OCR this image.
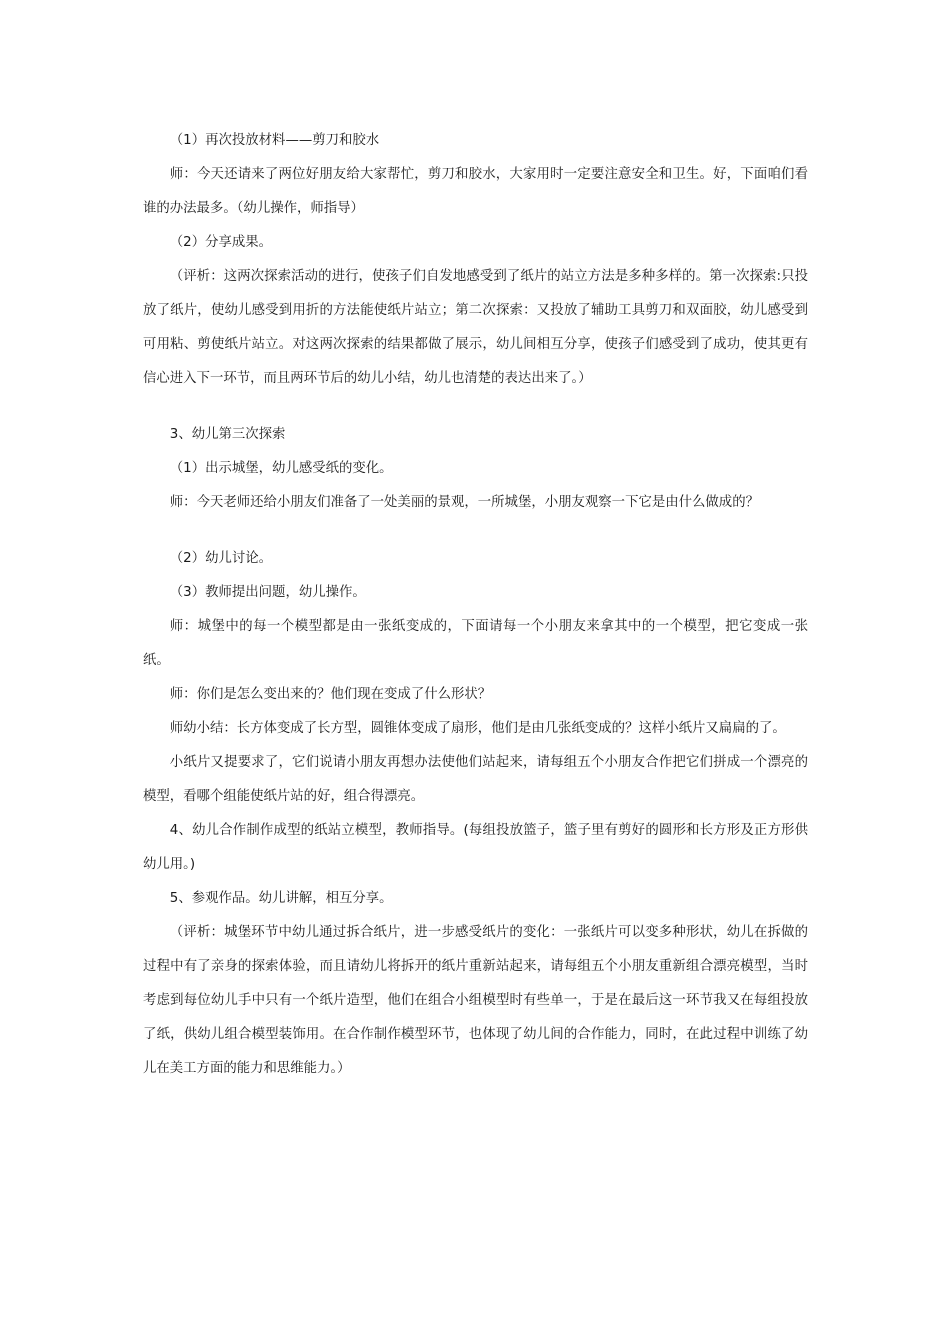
（1）再次投放材料——剪刀和胶水

师：今天还请来了两位好朋友给大家帮忙，剪刀和胶水，大家用时一定要注意安全和卫生。好，下面咱们看谁的办法最多。（幼儿操作，师指导）

（2）分享成果。

（评析：这两次探索活动的进行，使孩子们自发地感受到了纸片的站立方法是多种多样的。第一次探索:只投放了纸片，使幼儿感受到用折的方法能使纸片站立；第二次探索：又投放了辅助工具剪刀和双面胶，幼儿感受到可用粘、剪使纸片站立。对这两次探索的结果都做了展示，幼儿间相互分享，使孩子们感受到了成功，使其更有信心进入下一环节，而且两环节后的幼儿小结，幼儿也清楚的表达出来了。）

3、幼儿第三次探索

（1）出示城堡，幼儿感受纸的变化。

师：今天老师还给小朋友们准备了一处美丽的景观，一所城堡，小朋友观察一下它是由什么做成的？

（2）幼儿讨论。

（3）教师提出问题，幼儿操作。

师：城堡中的每一个模型都是由一张纸变成的，下面请每一个小朋友来拿其中的一个模型，把它变成一张纸。

师：你们是怎么变出来的？他们现在变成了什么形状？

师幼小结：长方体变成了长方型，圆锥体变成了扇形，他们是由几张纸变成的？这样小纸片又扁扁的了。

小纸片又提要求了，它们说请小朋友再想办法使他们站起来，请每组五个小朋友合作把它们拼成一个漂亮的模型，看哪个组能使纸片站的好，组合得漂亮。

4、幼儿合作制作成型的纸站立模型，教师指导。(每组投放篮子，篮子里有剪好的圆形和长方形及正方形供幼儿用。)

5、参观作品。幼儿讲解，相互分享。

（评析：城堡环节中幼儿通过拆合纸片，进一步感受纸片的变化：一张纸片可以变多种形状，幼儿在拆做的过程中有了亲身的探索体验，而且请幼儿将拆开的纸片重新站起来，请每组五个小朋友重新组合漂亮模型，当时考虑到每位幼儿手中只有一个纸片造型，他们在组合小组模型时有些单一，于是在最后这一环节我又在每组投放了纸，供幼儿组合模型装饰用。在合作制作模型环节，也体现了幼儿间的合作能力，同时，在此过程中训练了幼儿在美工方面的能力和思维能力。）
